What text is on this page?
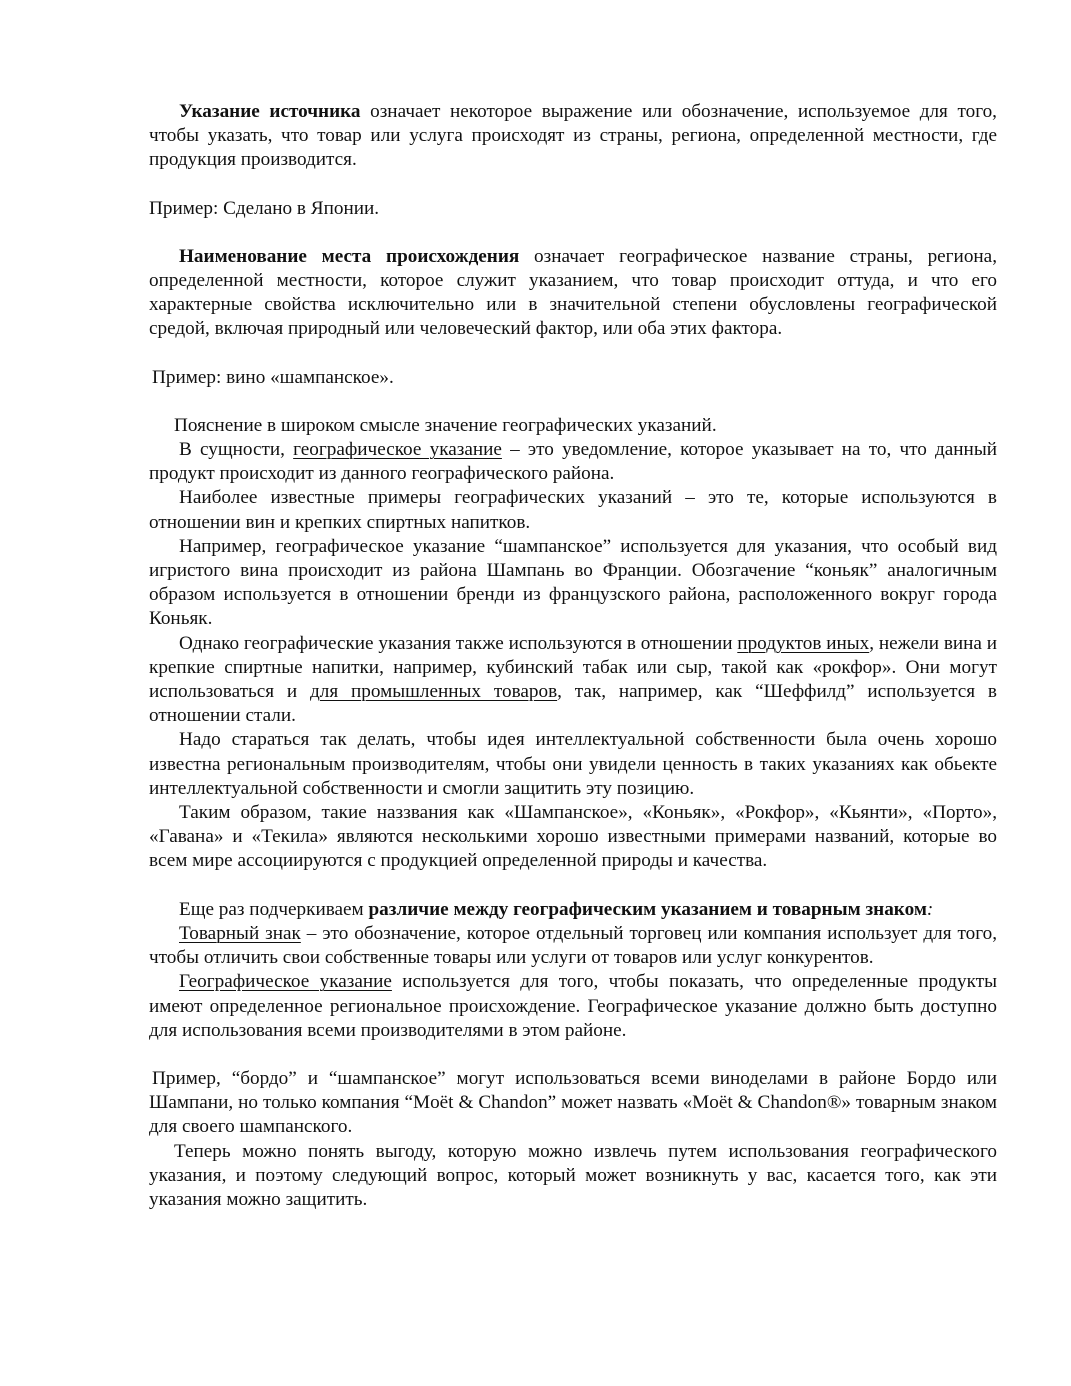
Указание источника означает некоторое выражение или обозначение, используемое для того, чтобы указать, что товар или услуга происходят из страны, региона, определенной местности, где продукция производится.

Пример: Сделано в Японии.

Наименование места происхождения означает географическое название страны, региона, определенной местности, которое служит указанием, что товар происходит оттуда, и что его характерные свойства исключительно или в значительной степени обусловлены географической средой, включая природный или человеческий фактор, или оба этих фактора.

Пример: вино «шампанское».

Пояснение в широком смысле значение географических указаний.

В сущности, географическое указание – это уведомление, которое указывает на то, что данный продукт происходит из данного географического района.

Наиболее известные примеры географических указаний – это те, которые используются в отношении вин и крепких спиртных напитков.

Например, географическое указание “шампанское” используется для указания, что особый вид игристого вина происходит из района Шампань во Франции. Обозгачение “коньяк” аналогичным образом используется в отношении бренди из французского района, расположенного вокруг города Коньяк.

Однако географические указания также используются в отношении продуктов иных, нежели вина и крепкие спиртные напитки, например, кубинский табак или сыр, такой как «рокфор». Они могут использоваться и для промышленных товаров, так, например, как “Шеффилд” используется в отношении стали.

Надо стараться так делать, чтобы идея интеллектуальной собственности была очень хорошо известна региональным производителям, чтобы они увидели ценность в таких указаниях как обьекте интеллектуальной собственности и смогли защитить эту позицию.

Таким образом, такие наззвания как «Шампанское», «Коньяк», «Рокфор», «Кьянти», «Порто», «Гавана» и «Текила» являются несколькими хорошо известными примерами названий, которые во всем мире ассоциируются с продукцией определенной природы и качества.

Еще раз подчеркиваем различие между географическим указанием и товарным знаком:

Товарный знак – это обозначение, которое отдельный торговец или компания использует для того, чтобы отличить свои собственные товары или услуги от товаров или услуг конкурентов.

Географическое указание используется для того, чтобы показать, что определенные продукты имеют определенное региональное происхождение. Географическое указание должно быть доступно для использования всеми производителями в этом районе.

Пример, “бордо” и “шампанское” могут использоваться всеми виноделами в районе Бордо или Шампани, но только компания “Moët & Chandon” может назвать «Moët & Chandon®» товарным знаком для своего шампанского.

Теперь можно понять выгоду, которую можно извлечь путем использования географического указания, и поэтому следующий вопрос, который может возникнуть у вас, касается того, как эти указания можно защитить.
